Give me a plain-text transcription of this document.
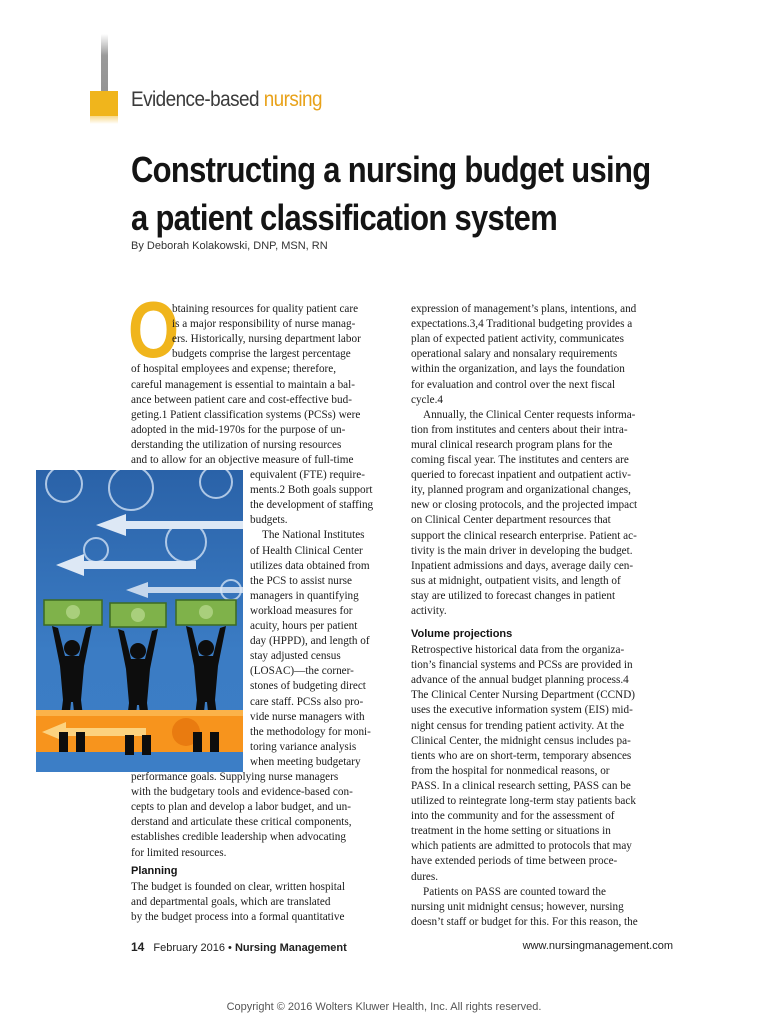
Evidence-based nursing
Constructing a nursing budget using
a patient classification system
By Deborah Kolakowski, DNP, MSN, RN
O
btaining resources for quality patient care
is a major responsibility of nurse manag-
ers. Historically, nursing department labor
budgets comprise the largest percentage
of hospital employees and expense; therefore,
careful management is essential to maintain a bal-
ance between patient care and cost-effective bud-
geting.1 Patient classification systems (PCSs) were
adopted in the mid-1970s for the purpose of un-
derstanding the utilization of nursing resources
and to allow for an objective measure of full-time
equivalent (FTE) require-
ments.2 Both goals support
the development of staffing
budgets.
The National Institutes
of Health Clinical Center
utilizes data obtained from
the PCS to assist nurse
managers in quantifying
workload measures for
acuity, hours per patient
day (HPPD), and length of
stay adjusted census
(LOSAC)—the corner-
stones of budgeting direct
care staff. PCSs also pro-
vide nurse managers with
the methodology for moni-
toring variance analysis
when meeting budgetary
performance goals. Supplying nurse managers
with the budgetary tools and evidence-based con-
cepts to plan and develop a labor budget, and un-
derstand and articulate these critical components,
establishes credible leadership when advocating
for limited resources.
Planning
The budget is founded on clear, written hospital
and departmental goals, which are translated
by the budget process into a formal quantitative
expression of management’s plans, intentions, and
expectations.3,4 Traditional budgeting provides a
plan of expected patient activity, communicates
operational salary and nonsalary requirements
within the organization, and lays the foundation
for evaluation and control over the next fiscal
cycle.4
Annually, the Clinical Center requests informa-
tion from institutes and centers about their intra-
mural clinical research program plans for the
coming fiscal year. The institutes and centers are
queried to forecast inpatient and outpatient activ-
ity, planned program and organizational changes,
new or closing protocols, and the projected impact
on Clinical Center department resources that
support the clinical research enterprise. Patient ac-
tivity is the main driver in developing the budget.
Inpatient admissions and days, average daily cen-
sus at midnight, outpatient visits, and length of
stay are utilized to forecast changes in patient
activity.
Volume projections
Retrospective historical data from the organiza-
tion’s financial systems and PCSs are provided in
advance of the annual budget planning process.4
The Clinical Center Nursing Department (CCND)
uses the executive information system (EIS) mid-
night census for trending patient activity. At the
Clinical Center, the midnight census includes pa-
tients who are on short-term, temporary absences
from the hospital for nonmedical reasons, or
PASS. In a clinical research setting, PASS can be
utilized to reintegrate long-term stay patients back
into the community and for the assessment of
treatment in the home setting or situations in
which patients are admitted to protocols that may
have extended periods of time between proce-
dures.
Patients on PASS are counted toward the
nursing unit midnight census; however, nursing
doesn’t staff or budget for this. For this reason, the
14 February 2016 • Nursing Management	www.nursingmanagement.com
Copyright © 2016 Wolters Kluwer Health, Inc. All rights reserved.
